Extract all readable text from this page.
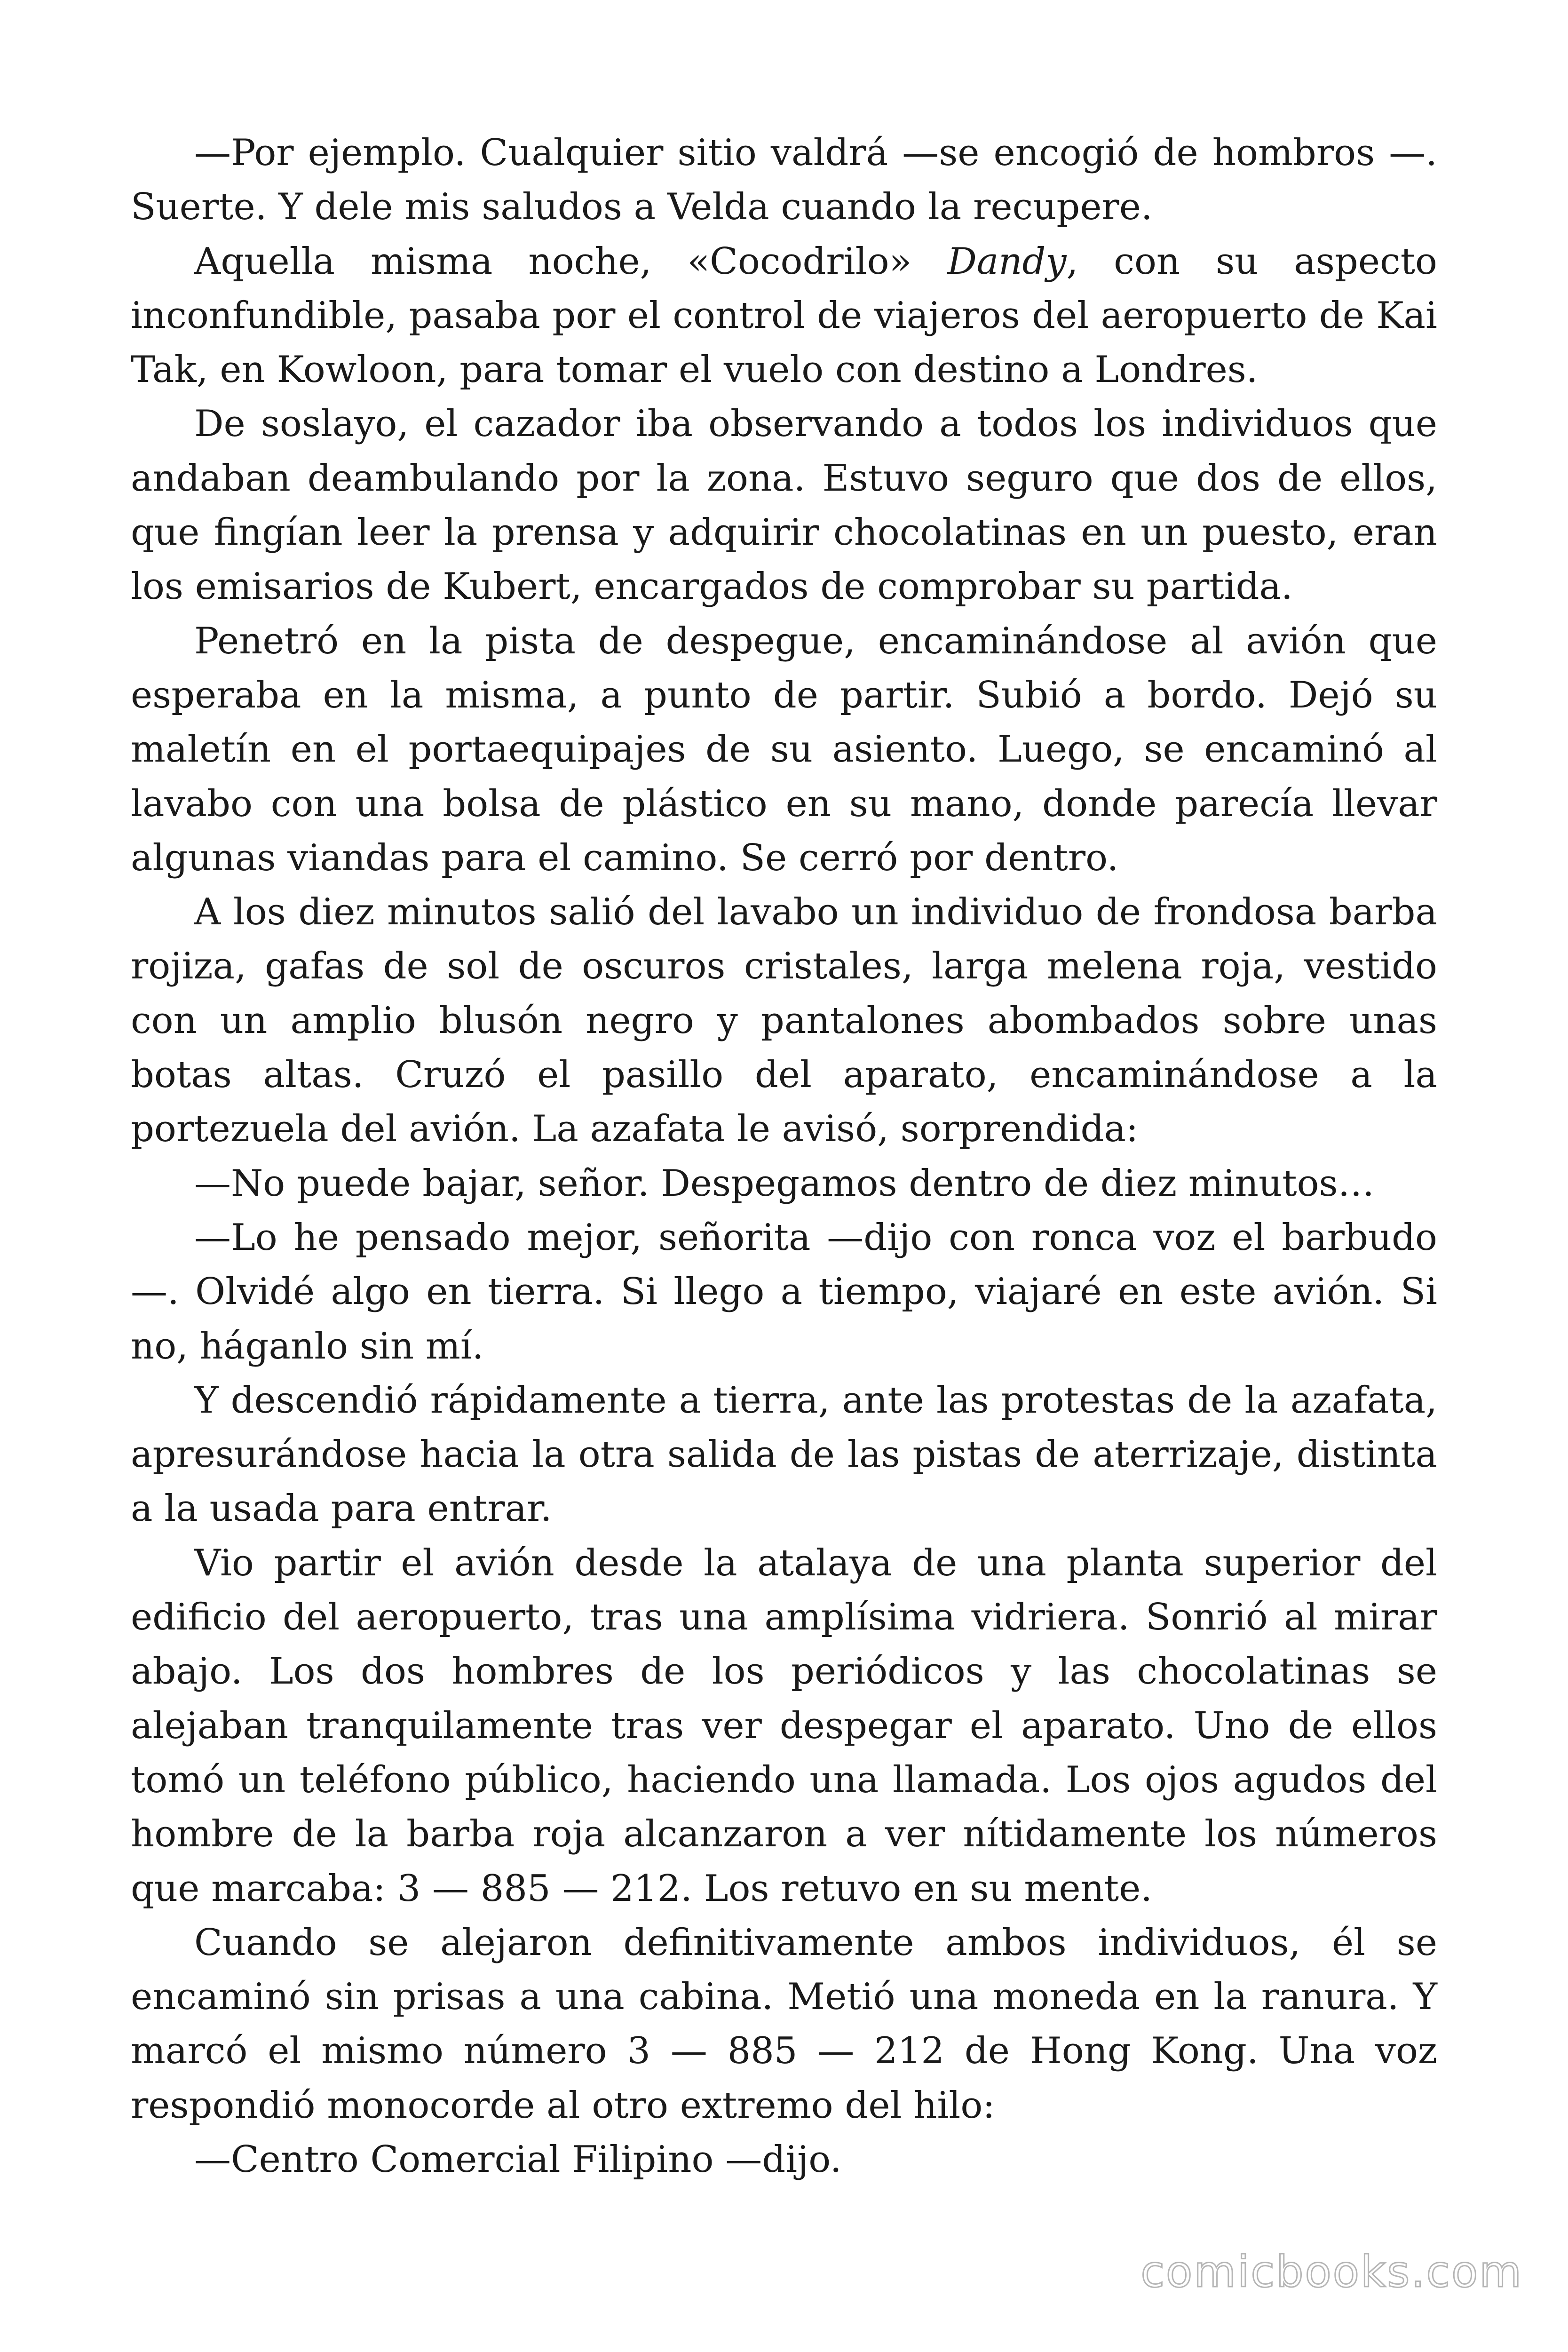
—Por ejemplo. Cualquier sitio valdrá —se encogió de hombros —. Suerte. Y dele mis saludos a Velda cuando la recupere.

Aquella misma noche, «Cocodrilo» Dandy, con su aspecto inconfundible, pasaba por el control de viajeros del aeropuerto de Kai Tak, en Kowloon, para tomar el vuelo con destino a Londres.

De soslayo, el cazador iba observando a todos los individuos que andaban deambulando por la zona. Estuvo seguro que dos de ellos, que fingían leer la prensa y adquirir chocolatinas en un puesto, eran los emisarios de Kubert, encargados de comprobar su partida.

Penetró en la pista de despegue, encaminándose al avión que esperaba en la misma, a punto de partir. Subió a bordo. Dejó su maletín en el portaequipajes de su asiento. Luego, se encaminó al lavabo con una bolsa de plástico en su mano, donde parecía llevar algunas viandas para el camino. Se cerró por dentro.

A los diez minutos salió del lavabo un individuo de frondosa barba rojiza, gafas de sol de oscuros cristales, larga melena roja, vestido con un amplio blusón negro y pantalones abombados sobre unas botas altas. Cruzó el pasillo del aparato, encaminándose a la portezuela del avión. La azafata le avisó, sorprendida:

—No puede bajar, señor. Despegamos dentro de diez minutos…

—Lo he pensado mejor, señorita —dijo con ronca voz el barbudo —. Olvidé algo en tierra. Si llego a tiempo, viajaré en este avión. Si no, háganlo sin mí.

Y descendió rápidamente a tierra, ante las protestas de la azafata, apresurándose hacia la otra salida de las pistas de aterrizaje, distinta a la usada para entrar.

Vio partir el avión desde la atalaya de una planta superior del edificio del aeropuerto, tras una amplísima vidriera. Sonrió al mirar abajo. Los dos hombres de los periódicos y las chocolatinas se alejaban tranquilamente tras ver despegar el aparato. Uno de ellos tomó un teléfono público, haciendo una llamada. Los ojos agudos del hombre de la barba roja alcanzaron a ver nítidamente los números que marcaba: 3 — 885 — 212. Los retuvo en su mente.

Cuando se alejaron definitivamente ambos individuos, él se encaminó sin prisas a una cabina. Metió una moneda en la ranura. Y marcó el mismo número 3 — 885 — 212 de Hong Kong. Una voz respondió monocorde al otro extremo del hilo:

—Centro Comercial Filipino —dijo.

comicbooks.com
